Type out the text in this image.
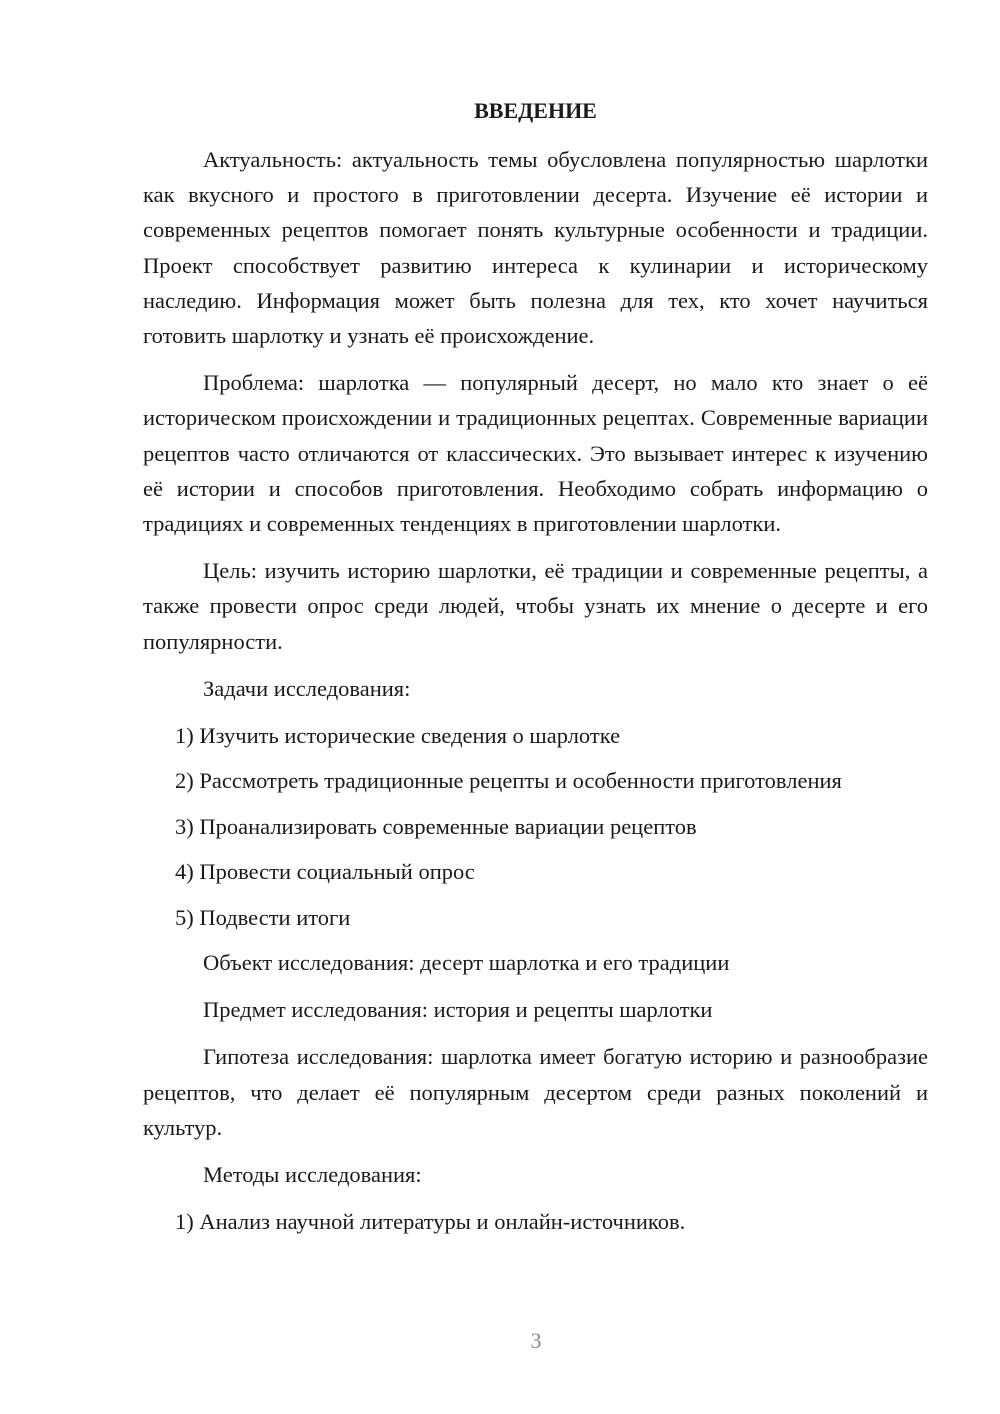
ВВЕДЕНИЕ

Актуальность: актуальность темы обусловлена популярностью шарлотки как вкусного и простого в приготовлении десерта. Изучение её истории и современных рецептов помогает понять культурные особенности и традиции. Проект способствует развитию интереса к кулинарии и историческому наследию. Информация может быть полезна для тех, кто хочет научиться готовить шарлотку и узнать её происхождение.

Проблема: шарлотка — популярный десерт, но мало кто знает о её историческом происхождении и традиционных рецептах. Современные вариации рецептов часто отличаются от классических. Это вызывает интерес к изучению её истории и способов приготовления. Необходимо собрать информацию о традициях и современных тенденциях в приготовлении шарлотки.

Цель: изучить историю шарлотки, её традиции и современные рецепты, а также провести опрос среди людей, чтобы узнать их мнение о десерте и его популярности.

Задачи исследования:

1) Изучить исторические сведения о шарлотке
2) Рассмотреть традиционные рецепты и особенности приготовления
3) Проанализировать современные вариации рецептов
4) Провести социальный опрос
5) Подвести итоги

Объект исследования: десерт шарлотка и его традиции

Предмет исследования: история и рецепты шарлотки

Гипотеза исследования: шарлотка имеет богатую историю и разнообразие рецептов, что делает её популярным десертом среди разных поколений и культур.

Методы исследования:

1) Анализ научной литературы и онлайн-источников.
3
